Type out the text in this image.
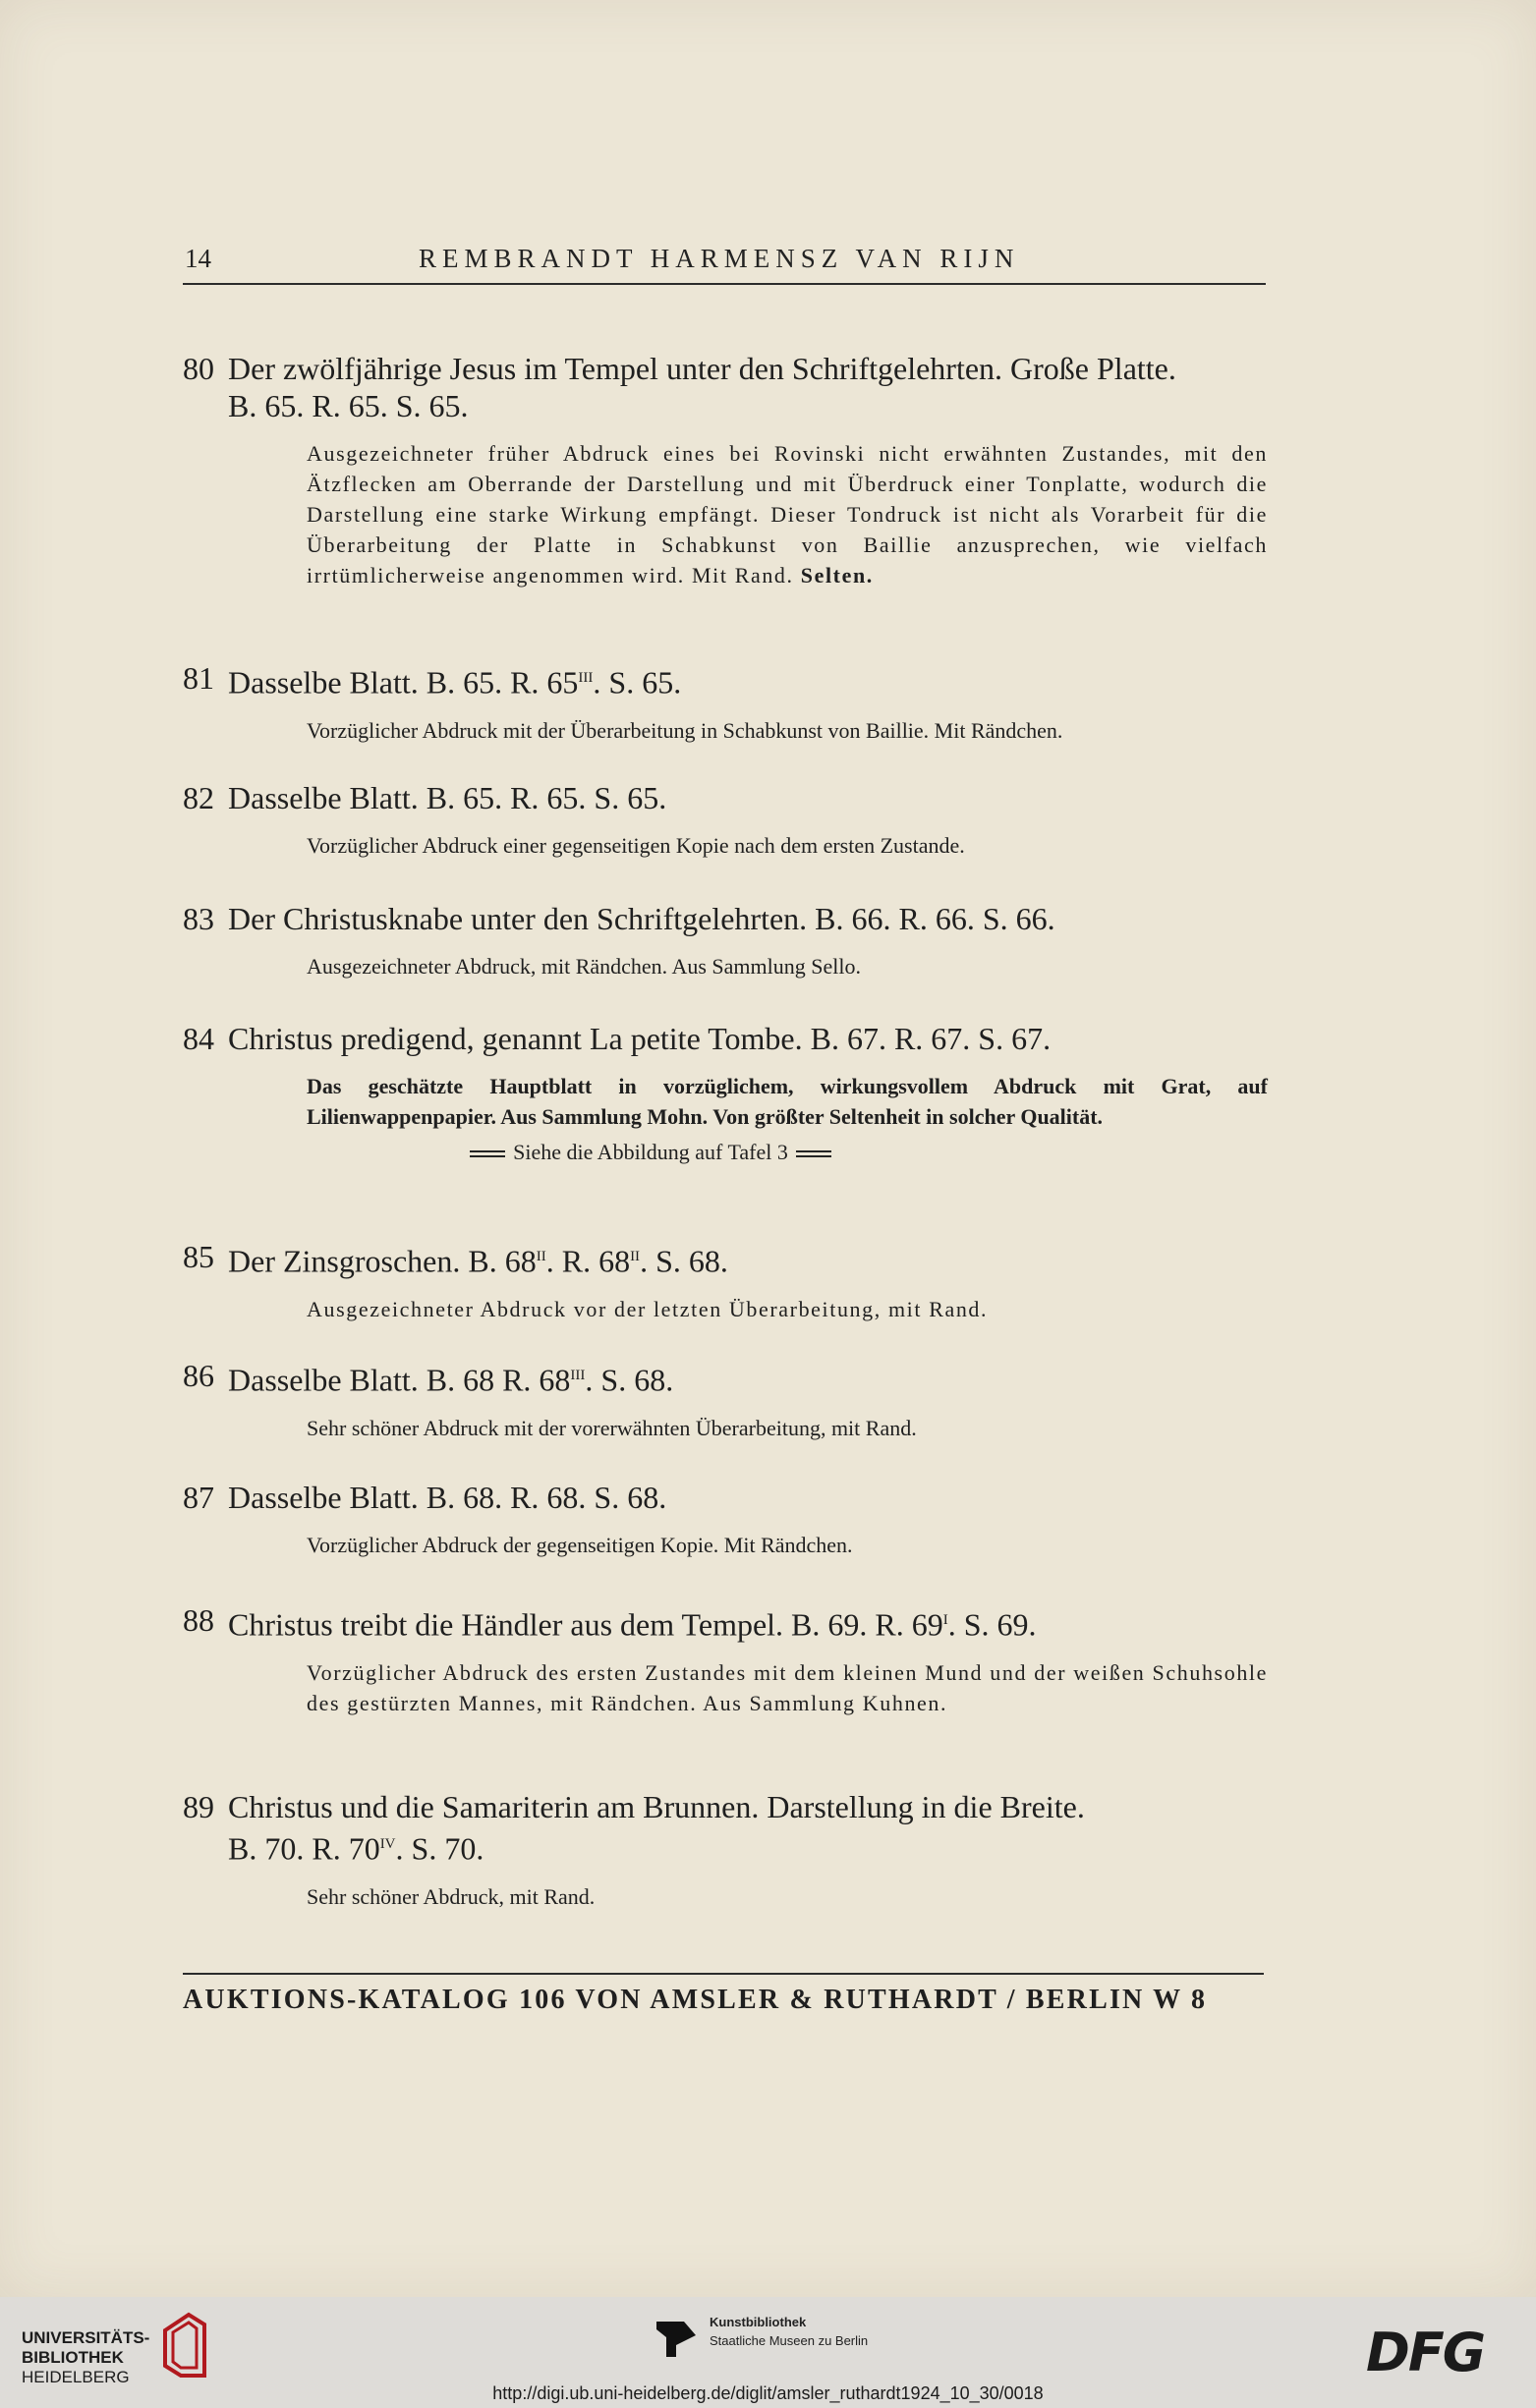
14	REMBRANDT HARMENSZ VAN RIJN
80 Der zwölfjährige Jesus im Tempel unter den Schriftgelehrten. Große Platte.
B. 65. R. 65. S. 65.
Ausgezeichneter früher Abdruck eines bei Rovinski nicht erwähnten Zustandes, mit den Ätzflecken am Oberrande der Darstellung und mit Überdruck einer Tonplatte, wodurch die Darstellung eine starke Wirkung empfängt. Dieser Tondruck ist nicht als Vorarbeit für die Überarbeitung der Platte in Schabkunst von Baillie anzusprechen, wie vielfach irrtümlicherweise angenommen wird. Mit Rand. Selten.
81 Dasselbe Blatt. B. 65. R. $65^{III}$. S. 65.
Vorzüglicher Abdruck mit der Überarbeitung in Schabkunst von Baillie. Mit Rändchen.
82 Dasselbe Blatt. B. 65. R. 65. S. 65.
Vorzüglicher Abdruck einer gegenseitigen Kopie nach dem ersten Zustande.
83 Der Christusknabe unter den Schriftgelehrten. B. 66. R. 66. S. 66.
Ausgezeichneter Abdruck, mit Rändchen. Aus Sammlung Sello.
84 Christus predigend, genannt La petite Tombe. B. 67. R. 67. S. 67.
Das geschätzte Hauptblatt in vorzüglichem, wirkungsvollem Abdruck mit Grat, auf Lilienwappenpapier. Aus Sammlung Mohn. Von größter Seltenheit in solcher Qualität.
Siehe die Abbildung auf Tafel 3
85 Der Zinsgroschen. B. $68^{II}$. R. $68^{II}$. S. 68.
Ausgezeichneter Abdruck vor der letzten Überarbeitung, mit Rand.
86 Dasselbe Blatt. B. 68 R. $68^{III}$. S. 68.
Sehr schöner Abdruck mit der vorerwähnten Überarbeitung, mit Rand.
87 Dasselbe Blatt. B. 68. R. 68. S. 68.
Vorzüglicher Abdruck der gegenseitigen Kopie. Mit Rändchen.
88 Christus treibt die Händler aus dem Tempel. B. 69. R. $69^I$. S. 69.
Vorzüglicher Abdruck des ersten Zustandes mit dem kleinen Mund und der weißen Schuhsohle des gestürzten Mannes, mit Rändchen. Aus Sammlung Kuhnen.
89 Christus und die Samariterin am Brunnen. Darstellung in die Breite.
B. 70. R. $70^{IV}$. S. 70.
Sehr schöner Abdruck, mit Rand.
AUKTIONS-KATALOG 106 VON AMSLER & RUTHARDT / BERLIN W 8
UNIVERSITÄTS-
BIBLIOTHEK
HEIDELBERG
Kunstbibliothek
Staatliche Museen zu Berlin	DFG
http://digi.ub.uni-heidelberg.de/diglit/amsler_ruthardt1924_10_30/0018
